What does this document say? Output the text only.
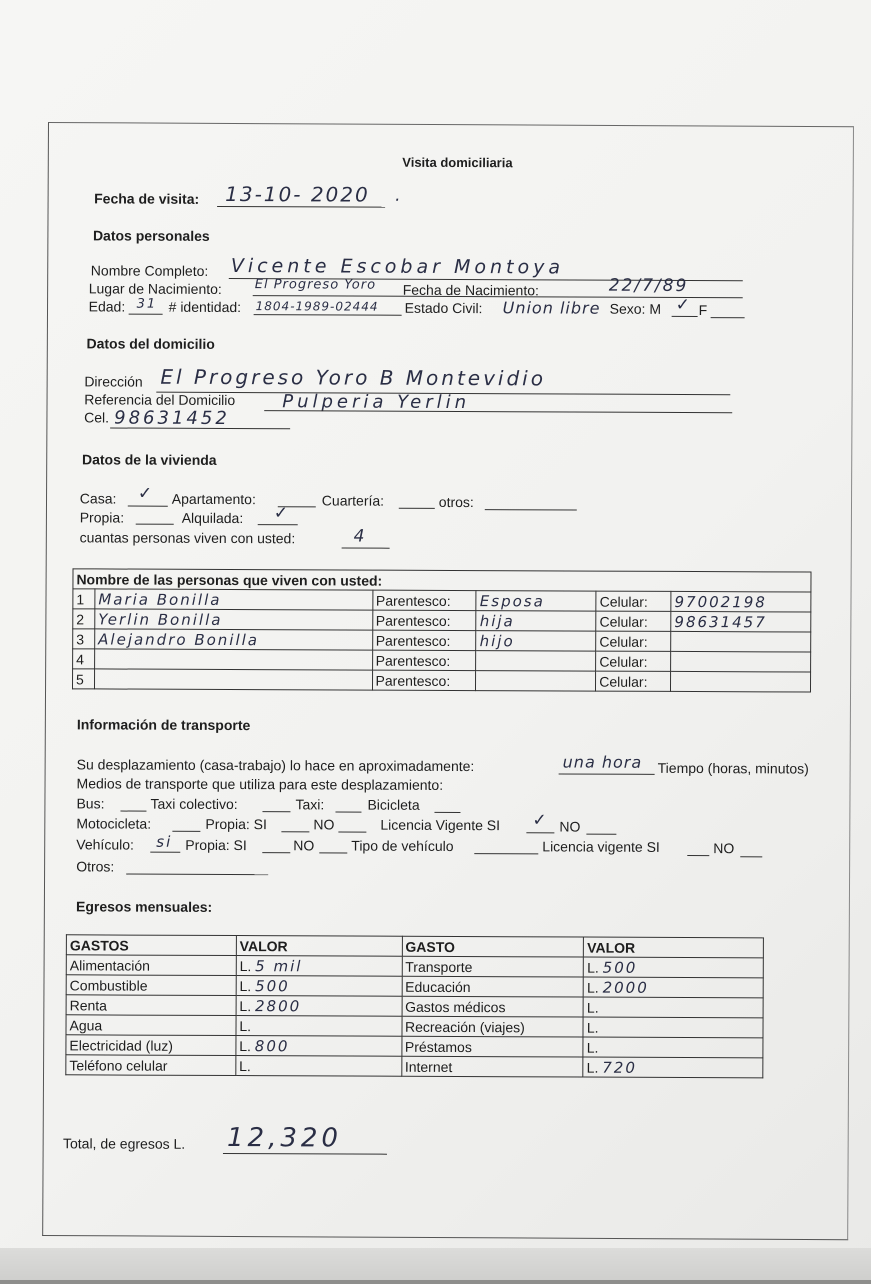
Visita domiciliaria
Fecha de visita: 13-10- 2020 .
Datos personales
Nombre Completo: Vicente Escobar Montoya
Lugar de Nacimiento:	El Progreso Yoro Fecha de Nacimiento:	22/7/89
Edad: 31 # identidad: 1804-1989-02444 Estado Civil: Union libre Sexo: M ✓ F
Datos del domicilio
Dirección El Progreso Yoro B Montevidio
Referencia del Domicilio	Pulperia Yerlin
Cel. 98631452
Datos de la vivienda
Casa: ✓ Apartamento:	Cuartería:	otros:
Propia:	Alquilada: ✓
cuantas personas viven con usted:	4
Nombre de las personas que viven con usted:					
1	Maria Bonilla	Parentesco:	Esposa	Celular:	97002198
2	Yerlin Bonilla	Parentesco:	hija	Celular:	98631457
3	Alejandro Bonilla	Parentesco:	hijo	Celular:	
4		Parentesco:		Celular:	
5		Parentesco:		Celular:	
Información de transporte
Su desplazamiento (casa-trabajo) lo hace en aproximadamente:	una hora Tiempo (horas, minutos)
Medios de transporte que utiliza para este desplazamiento:
Bus:	Taxi colectivo:	Taxi:	Bicicleta
Motocicleta:	Propia: SI	NO	Licencia Vigente SI ✓ NO
Vehículo: si Propia: SI	NO	Tipo de vehículo	Licencia vigente SI	NO
Otros:
Egresos mensuales:
GASTOS	VALOR	GASTO	VALOR
Alimentación	L. 5 mil	Transporte	L. 500
Combustible	L. 500	Educación	L. 2000
Renta	L. 2800	Gastos médicos	L.
Agua	L.	Recreación (viajes)	L.
Electricidad (luz)	L. 800	Préstamos	L.
Teléfono celular	L.	Internet	L. 720
Total, de egresos L. 12,320
